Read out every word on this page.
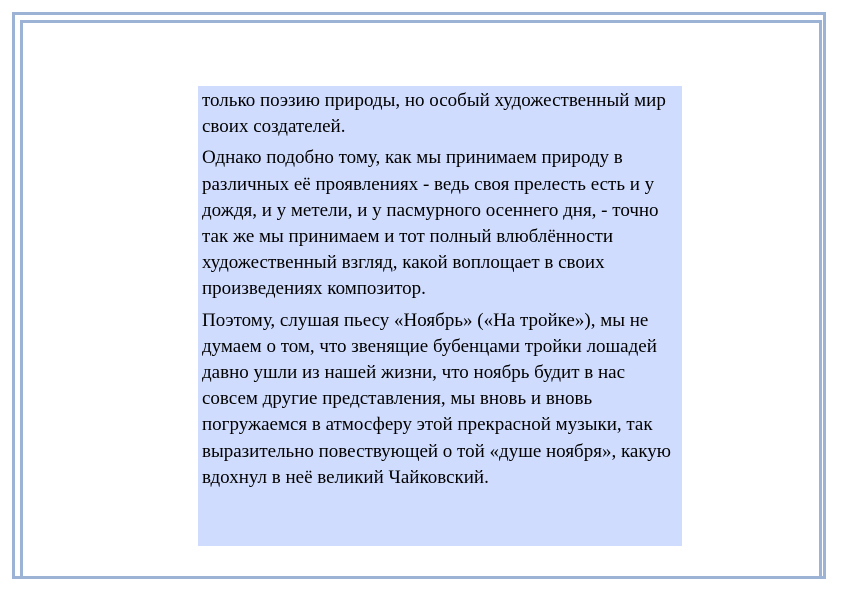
только поэзию природы, но особый художественный мир своих создателей.

Однако подобно тому, как мы принимаем природу в различных её проявлениях - ведь своя прелесть есть и у дождя, и у метели, и у пасмурного осеннего дня, - точно так же мы принимаем и тот полный влюблённости художественный взгляд, какой воплощает в своих произведениях композитор.

Поэтому, слушая пьесу «Ноябрь» («На тройке»), мы не думаем о том, что звенящие бубенцами тройки лошадей давно ушли из нашей жизни, что ноябрь будит в нас совсем другие представления, мы вновь и вновь погружаемся в атмосферу этой прекрасной музыки, так выразительно повествующей о той «душе ноября», какую вдохнул в неё великий Чайковский.
